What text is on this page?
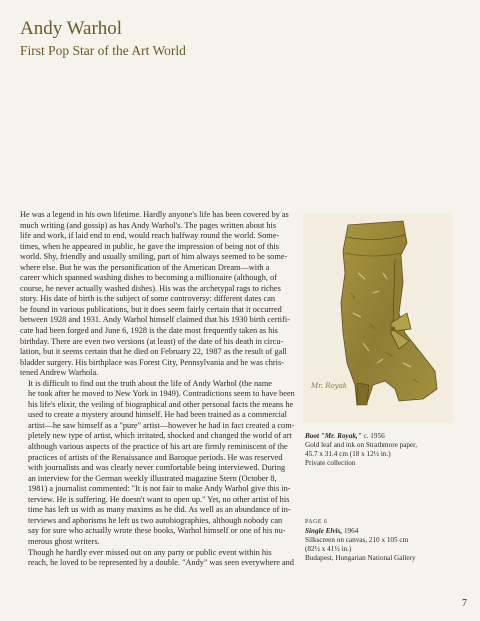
Andy Warhol
First Pop Star of the Art World

He was a legend in his own lifetime. Hardly anyone's life has been covered by as
much writing (and gossip) as has Andy Warhol's. The pages written about his
life and work, if laid end to end, would reach halfway round the world. Some-
times, when he appeared in public, he gave the impression of being not of this
world. Shy, friendly and usually smiling, part of him always seemed to be some-
where else. But he was the personification of the American Dream—with a
career which spanned washing dishes to becoming a millionaire (although, of
course, he never actually washed dishes). His was the archetypal rags to riches
story. His date of birth is the subject of some controversy: different dates can
be found in various publications, but it does seem fairly certain that it occurred
between 1928 and 1931. Andy Warhol himself claimed that his 1930 birth certifi-
cate had been forged and June 6, 1928 is the date most frequently taken as his
birthday. There are even two versions (at least) of the date of his death in circu-
lation, but it seems certain that he died on February 22, 1987 as the result of gall
bladder surgery. His birthplace was Forest City, Pennsylvania and he was chris-
tened Andrew Warhola.

It is difficult to find out the truth about the life of Andy Warhol (the name
he took after he moved to New York in 1949). Contradictions seem to have been
his life's elixir, the veiling of biographical and other personal facts the means he
used to create a mystery around himself. He had been trained as a commercial
artist—he saw himself as a "pure" artist—however he had in fact created a com-
pletely new type of artist, which irritated, shocked and changed the world of art
although various aspects of the practice of his art are firmly reminiscent of the
practices of artists of the Renaissance and Baroque periods. He was reserved
with journalists and was clearly never comfortable being interviewed. During
an interview for the German weekly illustrated magazine Stern (October 8,
1981) a journalist commented: "It is not fair to make Andy Warhol give this in-
terview. He is suffering. He doesn't want to open up." Yet, no other artist of his
time has left us with as many maxims as he did. As well as an abundance of in-
terviews and aphorisms he left us two autobiographies, although nobody can
say for sure who actually wrote these books, Warhol himself or one of his nu-
merous ghost writers.

Though he hardly ever missed out on any party or public event within his
reach, he loved to be represented by a double. "Andy" was seen everywhere and

Mr. Royak
Boot "Mr. Royak," c. 1956
Gold leaf and ink on Strathmore paper,
45.7 x 31.4 cm (18 x 12½ in.)
Private collection
PAGE 6
Single Elvis, 1964
Silkscreen on canvas, 210 x 105 cm
(82½ x 41½ in.)
Budapest, Hungarian National Gallery
7
